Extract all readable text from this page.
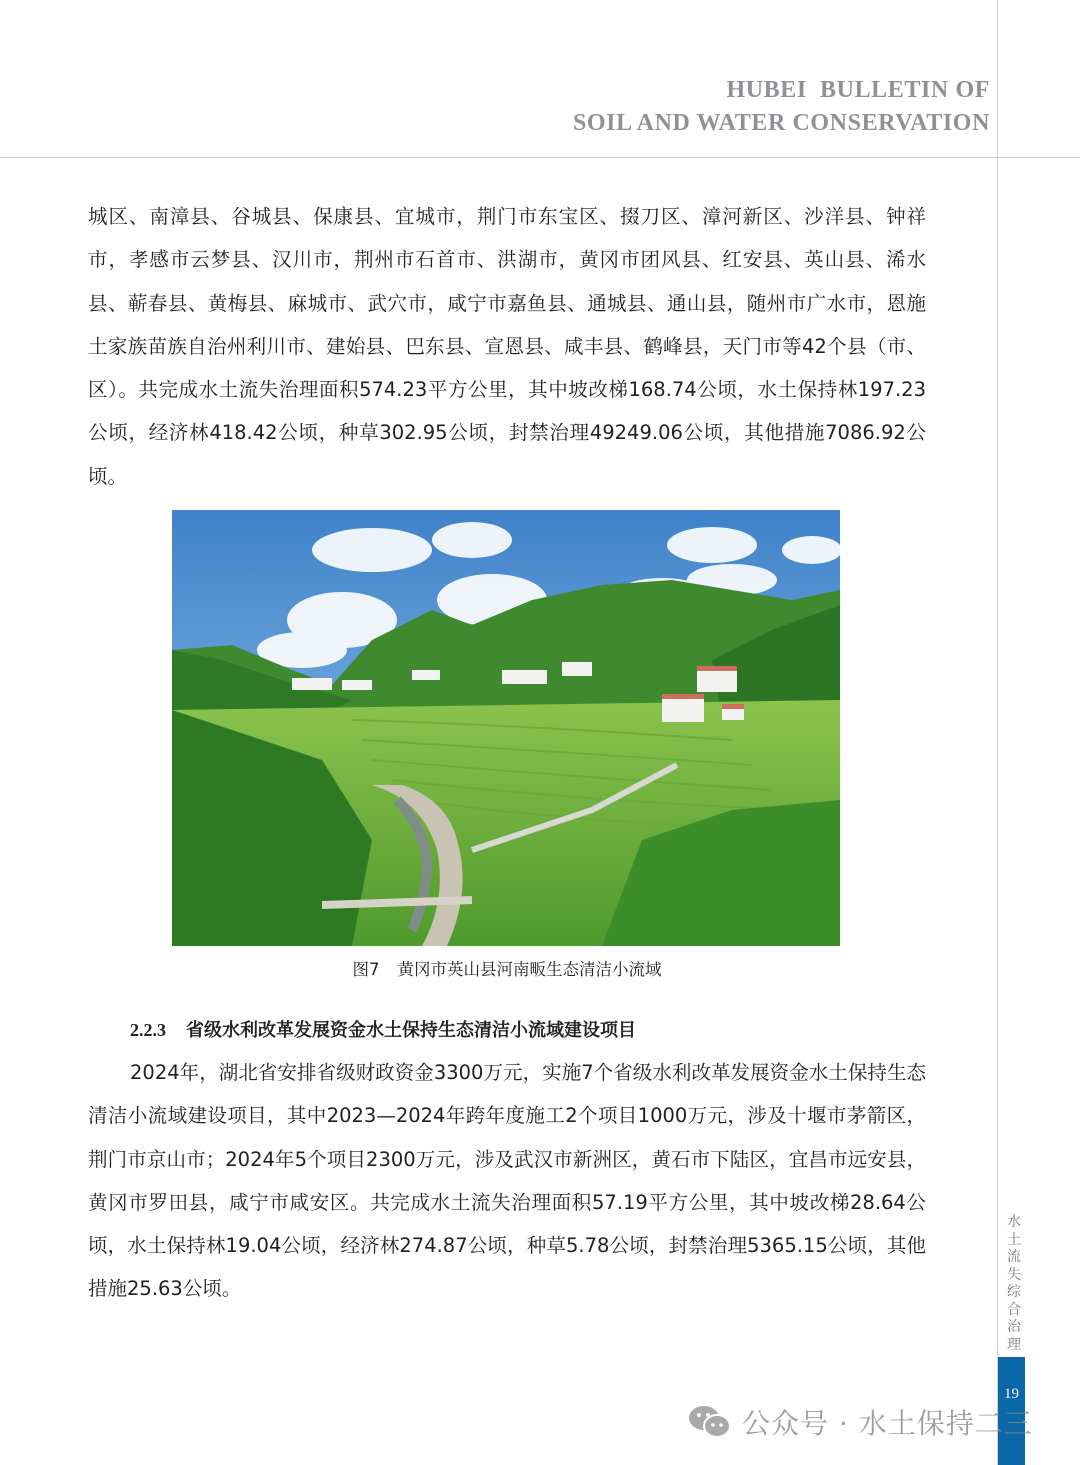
HUBEI  BULLETIN OF
SOIL AND WATER CONSERVATION
城区、南漳县、谷城县、保康县、宜城市，荆门市东宝区、掇刀区、漳河新区、沙洋县、钟祥市，孝感市云梦县、汉川市，荆州市石首市、洪湖市，黄冈市团风县、红安县、英山县、浠水县、蕲春县、黄梅县、麻城市、武穴市，咸宁市嘉鱼县、通城县、通山县，随州市广水市，恩施土家族苗族自治州利川市、建始县、巴东县、宣恩县、咸丰县、鹤峰县，天门市等42个县（市、区）。共完成水土流失治理面积574.23平方公里，其中坡改梯168.74公顷，水土保持林197.23公顷，经济林418.42公顷，种草302.95公顷，封禁治理49249.06公顷，其他措施7086.92公顷。
图7 黄冈市英山县河南畈生态清洁小流域
2.2.3 省级水利改革发展资金水土保持生态清洁小流域建设项目
2024年，湖北省安排省级财政资金3300万元，实施7个省级水利改革发展资金水土保持生态清洁小流域建设项目，其中2023—2024年跨年度施工2个项目1000万元，涉及十堰市茅箭区，荆门市京山市；2024年5个项目2300万元，涉及武汉市新洲区，黄石市下陆区，宜昌市远安县，黄冈市罗田县，咸宁市咸安区。共完成水土流失治理面积57.19平方公里，其中坡改梯28.64公顷，水土保持林19.04公顷，经济林274.87公顷，种草5.78公顷，封禁治理5365.15公顷，其他措施25.63公顷。
水土流失综合治理
19
公众号 · 水土保持二三
